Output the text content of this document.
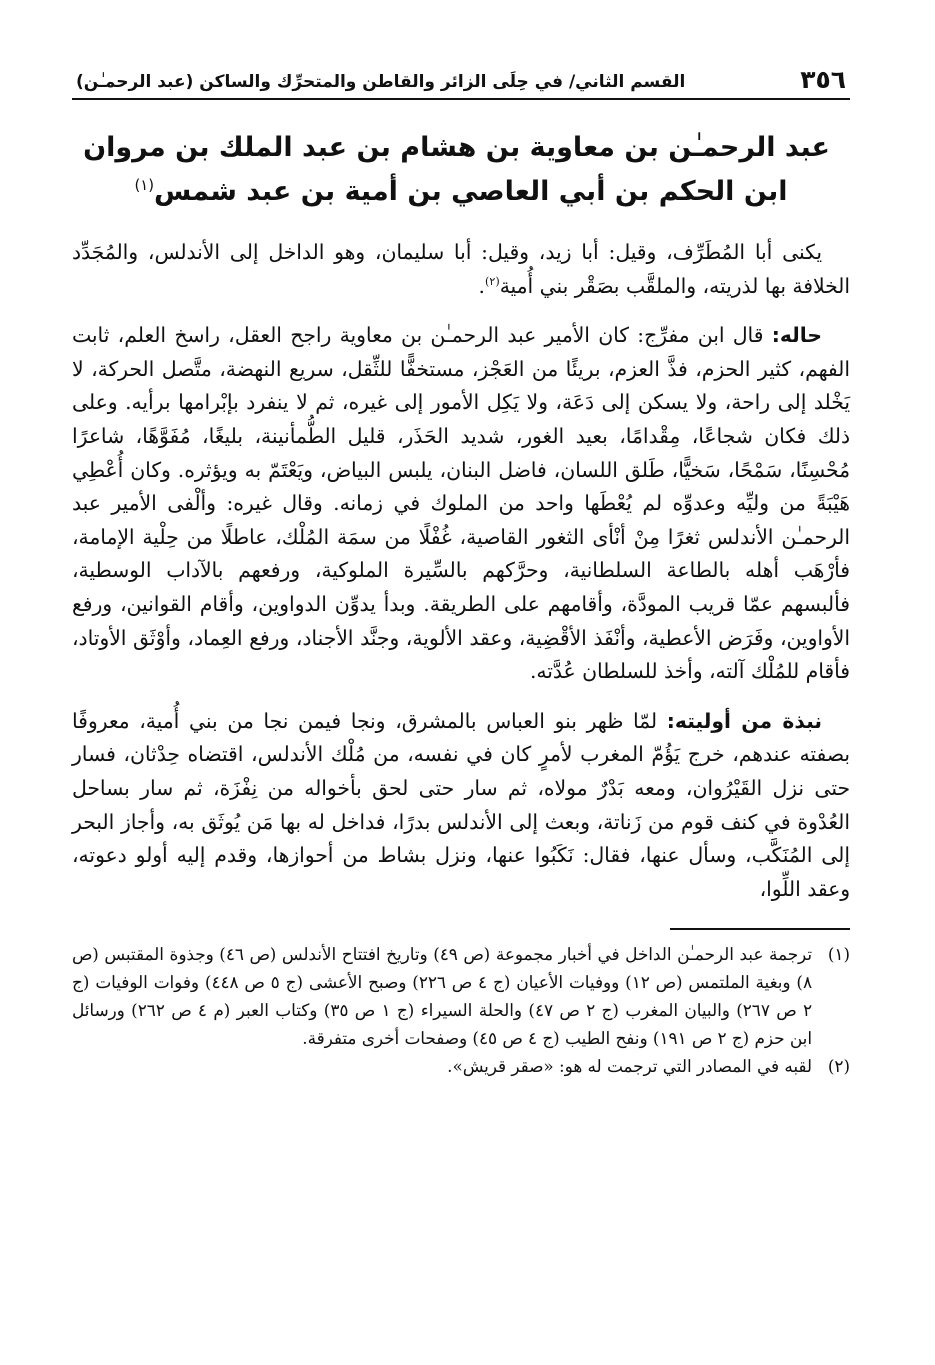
٣٥٦
القسم الثاني/ في حِلَى الزائر والقاطن والمتحرِّك والساكن (عبد الرحمـٰن)
عبد الرحمـٰن بن معاوية بن هشام بن عبد الملك بن مروان
ابن الحكم بن أبي العاصي بن أمية بن عبد شمس$^{(١)}$

يكنى أبا المُطَرِّف، وقيل: أبا زيد، وقيل: أبا سليمان، وهو الداخل إلى الأندلس، والمُجَدِّد الخلافة بها لذريته، والملقَّب بصَقْر بني أُمية$^{(٢)}$.

حاله: قال ابن مفرِّج: كان الأمير عبد الرحمـٰن بن معاوية راجح العقل، راسخ العلم، ثابت الفهم، كثير الحزم، فذَّ العزم، بريئًا من العَجْز، مستخفًّا للثِّقل، سريع النهضة، متَّصل الحركة، لا يَخْلد إلى راحة، ولا يسكن إلى دَعَة، ولا يَكِل الأمور إلى غيره، ثم لا ينفرد بإبْرامها برأيه. وعلى ذلك فكان شجاعًا، مِقْدامًا، بعيد الغور، شديد الحَذَر، قليل الطُّمأنينة، بليغًا، مُفَوَّهًا، شاعرًا مُحْسِنًا، سَمْحًا، سَخيًّا، طَلق اللسان، فاضل البنان، يلبس البياض، ويَعْتَمّ به ويؤثره. وكان أُعْطِي هَيْبَةً من وليِّه وعدوِّه لم يُعْطَها واحد من الملوك في زمانه. وقال غيره: وألْفى الأمير عبد الرحمـٰن الأندلس ثغرًا مِنْ أنْأى الثغور القاصية، غُفْلًا من سمَة المُلْك، عاطلًا من حِلْية الإمامة، فأرْهَب أهله بالطاعة السلطانية، وحرَّكهم بالسِّيرة الملوكية، ورفعهم بالآداب الوسطية، فألبسهم عمّا قريب المودَّة، وأقامهم على الطريقة. وبدأ يدوِّن الدواوين، وأقام القوانين، ورفع الأواوين، وفَرَض الأعطية، وأنْفَذ الأقْضِية، وعقد الألوية، وجنَّد الأجناد، ورفع العِماد، وأوْثَق الأوتاد، فأقام للمُلْك آلته، وأخذ للسلطان عُدَّته.

نبذة من أوليته: لمّا ظهر بنو العباس بالمشرق، ونجا فيمن نجا من بني أُمية، معروفًا بصفته عندهم، خرج يَؤُمّ المغرب لأمرٍ كان في نفسه، من مُلْك الأندلس، اقتضاه حِدْثان، فسار حتى نزل القَيْرُوان، ومعه بَدْرٌ مولاه، ثم سار حتى لحق بأخواله من نِفْزَة، ثم سار بساحل العُدْوة في كنف قوم من زَناتة، وبعث إلى الأندلس بدرًا، فداخل له بها مَن يُوثَق به، وأجاز البحر إلى المُنَكَّب، وسأل عنها، فقال: نَكَبُوا عنها، ونزل بشاط من أحوازها، وقدم إليه أولو دعوته، وعقد اللِّوا،

(١)
ترجمة عبد الرحمـٰن الداخل في أخبار مجموعة (ص ٤٩) وتاريخ افتتاح الأندلس (ص ٤٦) وجذوة المقتبس (ص ٨) وبغية الملتمس (ص ١٢) ووفيات الأعيان (ج ٤ ص ٢٢٦) وصبح الأعشى (ج ٥ ص ٤٤٨) وفوات الوفيات (ج ٢ ص ٢٦٧) والبيان المغرب (ج ٢ ص ٤٧) والحلة السيراء (ج ١ ص ٣٥) وكتاب العبر (م ٤ ص ٢٦٢) ورسائل ابن حزم (ج ٢ ص ١٩١) ونفح الطيب (ج ٤ ص ٤٥) وصفحات أخرى متفرقة.
(٢)
لقبه في المصادر التي ترجمت له هو: «صقر قريش».
